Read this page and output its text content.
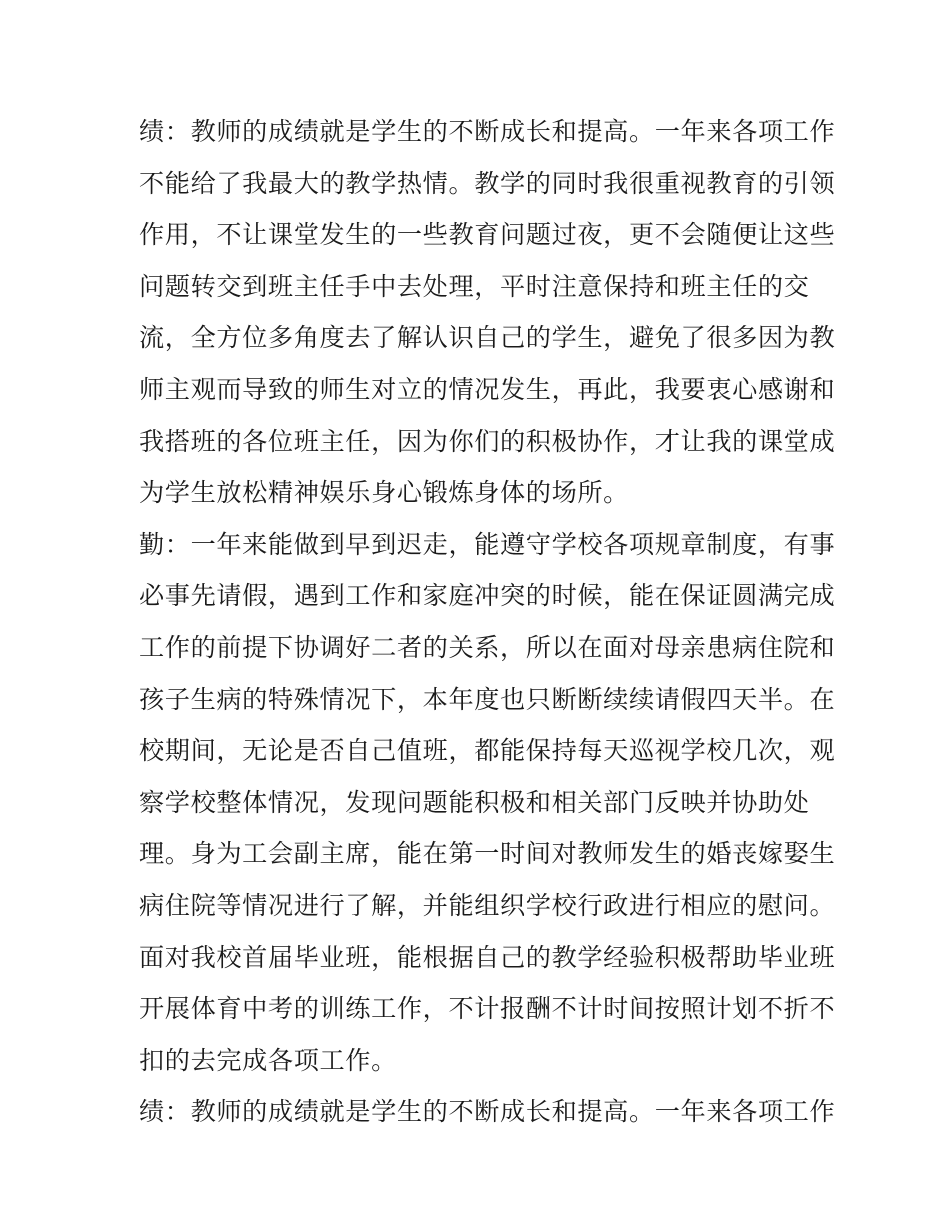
绩：教师的成绩就是学生的不断成长和提高。一年来各项工作
不能给了我最大的教学热情。教学的同时我很重视教育的引领
作用，不让课堂发生的一些教育问题过夜，更不会随便让这些
问题转交到班主任手中去处理，平时注意保持和班主任的交
流，全方位多角度去了解认识自己的学生，避免了很多因为教
师主观而导致的师生对立的情况发生，再此，我要衷心感谢和
我搭班的各位班主任，因为你们的积极协作，才让我的课堂成
为学生放松精神娱乐身心锻炼身体的场所。
勤：一年来能做到早到迟走，能遵守学校各项规章制度，有事
必事先请假，遇到工作和家庭冲突的时候，能在保证圆满完成
工作的前提下协调好二者的关系，所以在面对母亲患病住院和
孩子生病的特殊情况下，本年度也只断断续续请假四天半。在
校期间，无论是否自己值班，都能保持每天巡视学校几次，观
察学校整体情况，发现问题能积极和相关部门反映并协助处
理。身为工会副主席，能在第一时间对教师发生的婚丧嫁娶生
病住院等情况进行了解，并能组织学校行政进行相应的慰问。
面对我校首届毕业班，能根据自己的教学经验积极帮助毕业班
开展体育中考的训练工作，不计报酬不计时间按照计划不折不
扣的去完成各项工作。
绩：教师的成绩就是学生的不断成长和提高。一年来各项工作
